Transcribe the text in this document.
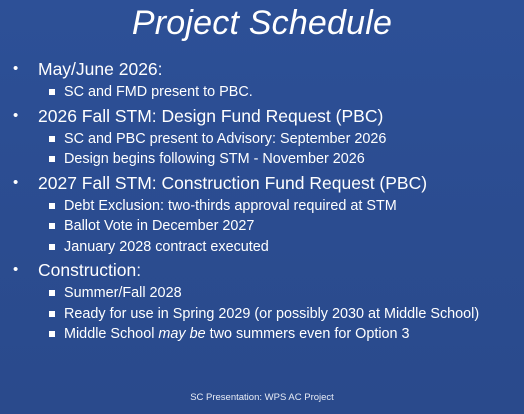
Project Schedule
• May/June 2026:
SC and FMD present to PBC.
• 2026 Fall STM: Design Fund Request (PBC)
SC and PBC present to Advisory: September 2026
Design begins following STM - November 2026
• 2027 Fall STM: Construction Fund Request (PBC)
Debt Exclusion: two-thirds approval required at STM
Ballot Vote in December 2027
January 2028 contract executed
• Construction:
Summer/Fall 2028
Ready for use in Spring 2029 (or possibly 2030 at Middle School)
Middle School may be two summers even for Option 3
SC Presentation: WPS AC Project
